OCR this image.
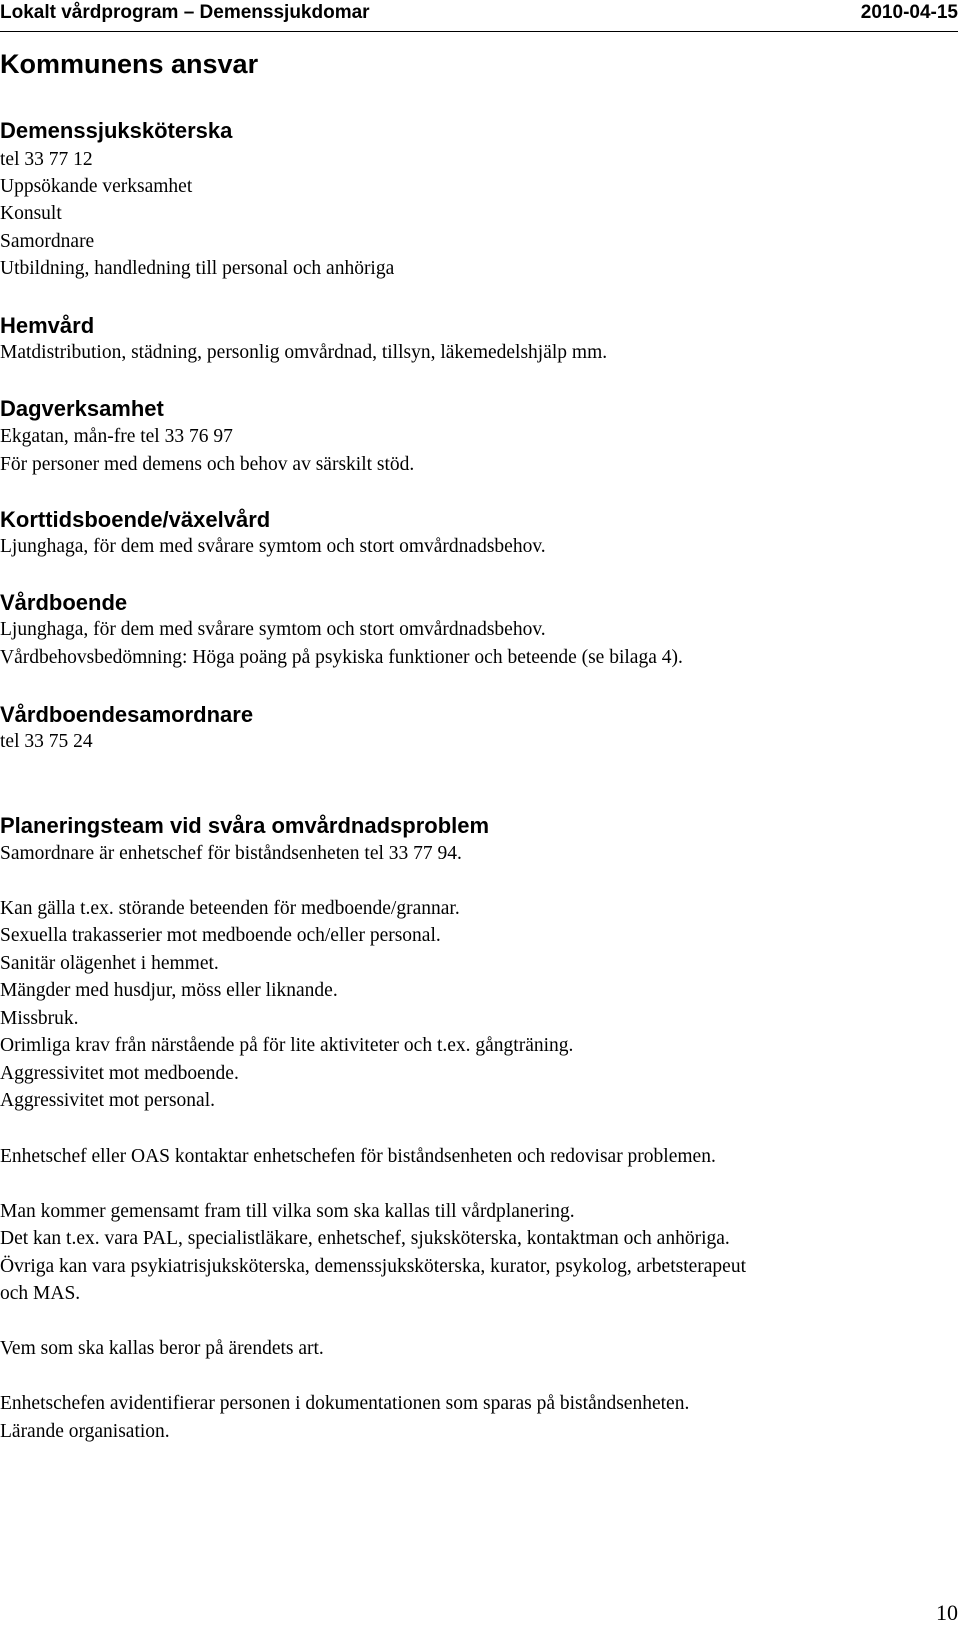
Lokalt vårdprogram – Demenssjukdomar	2010-04-15
Kommunens ansvar
Demenssjuksköterska
tel 33 77 12
Uppsökande verksamhet
Konsult
Samordnare
Utbildning, handledning till personal och anhöriga
Hemvård
Matdistribution, städning, personlig omvårdnad, tillsyn, läkemedelshjälp mm.
Dagverksamhet
Ekgatan, mån-fre tel 33 76 97
För personer med demens och behov av särskilt stöd.
Korttidsboende/växelvård
Ljunghaga, för dem med svårare symtom och stort omvårdnadsbehov.
Vårdboende
Ljunghaga, för dem med svårare symtom och stort omvårdnadsbehov.
Vårdbehovsbedömning: Höga poäng på psykiska funktioner och beteende (se bilaga 4).
Vårdboendesamordnare
tel 33 75 24
Planeringsteam vid svåra omvårdnadsproblem
Samordnare är enhetschef för biståndsenheten tel 33 77 94.
Kan gälla t.ex. störande beteenden för medboende/grannar.
Sexuella trakasserier mot medboende och/eller personal.
Sanitär olägenhet i hemmet.
Mängder med husdjur, möss eller liknande.
Missbruk.
Orimliga krav från närstående på för lite aktiviteter och t.ex. gångträning.
Aggressivitet mot medboende.
Aggressivitet mot personal.
Enhetschef eller OAS kontaktar enhetschefen för biståndsenheten och redovisar problemen.
Man kommer gemensamt fram till vilka som ska kallas till vårdplanering.
Det kan t.ex. vara PAL, specialistläkare, enhetschef, sjuksköterska, kontaktman och anhöriga.
Övriga kan vara psykiatrisjuksköterska, demenssjuksköterska, kurator, psykolog, arbetsterapeut
och MAS.
Vem som ska kallas beror på ärendets art.
Enhetschefen avidentifierar personen i dokumentationen som sparas på biståndsenheten.
Lärande organisation.
10
